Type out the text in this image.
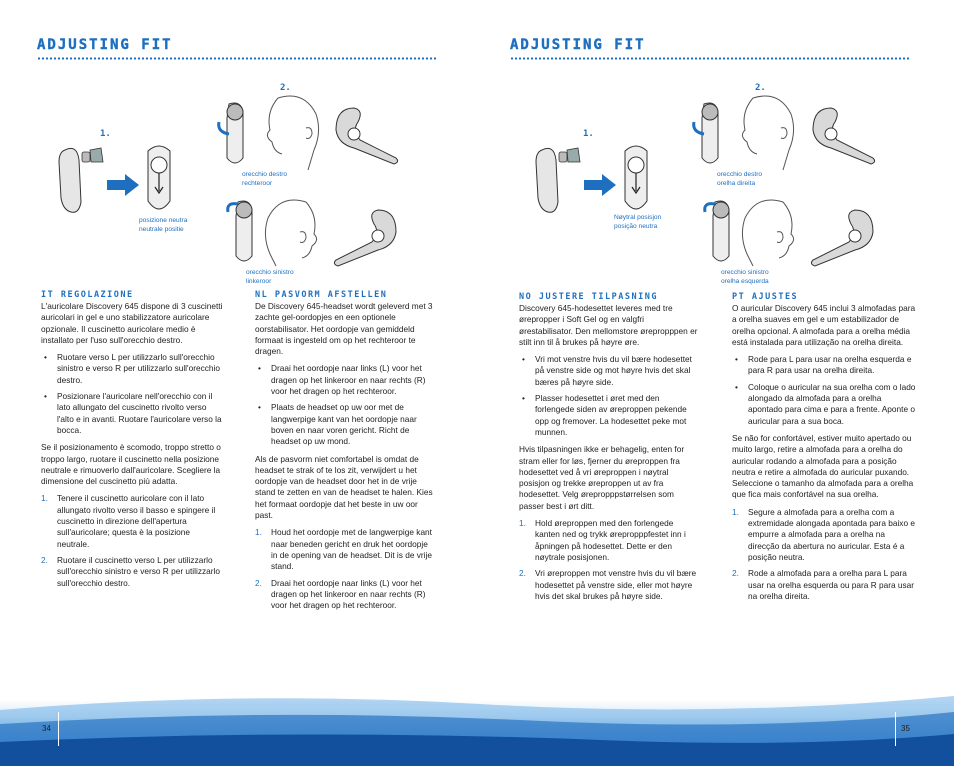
ADJUSTING FIT
1.
2.
posizione neutra
neutrale positie
orecchio destro
rechteroor
orecchio sinistro
linkeroor
IT REGOLAZIONE

L'auricolare Discovery 645 dispone di 3 cuscinetti auricolari in gel e uno stabilizzatore auricolare opzionale. Il cuscinetto auricolare medio è installato per l'uso sull'orecchio destro.

• Ruotare verso L per utilizzarlo sull'orecchio sinistro e verso R per utilizzarlo sull'orecchio destro.
• Posizionare l'auricolare nell'orecchio con il lato allungato del cuscinetto rivolto verso l'alto e in avanti. Ruotare l'auricolare verso la bocca.

Se il posizionamento è scomodo, troppo stretto o troppo largo, ruotare il cuscinetto nella posizione neutrale e rimuoverlo dall'auricolare. Scegliere la dimensione del cuscinetto più adatta.

1. Tenere il cuscinetto auricolare con il lato allungato rivolto verso il basso e spingere il cuscinetto in direzione dell'apertura sull'auricolare; questa è la posizione neutrale.
2. Ruotare il cuscinetto verso L per utilizzarlo sull'orecchio sinistro e verso R per utilizzarlo sull'orecchio destro.
NL PASVORM AFSTELLEN

De Discovery 645-headset wordt geleverd met 3 zachte gel-oordopjes en een optionele oorstabilisator. Het oordopje van gemiddeld formaat is ingesteld om op het rechteroor te dragen.

• Draai het oordopje naar links (L) voor het dragen op het linkeroor en naar rechts (R) voor het dragen op het rechteroor.
• Plaats de headset op uw oor met de langwerpige kant van het oordopje naar boven en naar voren gericht. Richt de headset op uw mond.

Als de pasvorm niet comfortabel is omdat de headset te strak of te los zit, verwijdert u het oordopje van de headset door het in de vrije stand te zetten en van de headset te halen. Kies het formaat oordopje dat het beste in uw oor past.

1. Houd het oordopje met de langwerpige kant naar beneden gericht en druk het oordopje in de opening van de headset. Dit is de vrije stand.
2. Draai het oordopje naar links (L) voor het dragen op het linkeroor en naar rechts (R) voor het dragen op het rechteroor.
ADJUSTING FIT
1.
2.
Nøytral posisjon
posição neutra
orecchio destro
orelha direita
orecchio sinistro
orelha esquerda
NO JUSTERE TILPASNING

Discovery 645-hodesettet leveres med tre ørepropper i Soft Gel og en valgfri ørestabilisator. Den mellomstore ørepropppen er stilt inn til å brukes på høyre øre.

• Vri mot venstre hvis du vil bære hodesettet på venstre side og mot høyre hvis det skal bæres på høyre side.
• Plasser hodesettet i øret med den forlengede siden av øreproppen pekende opp og fremover. La hodesettet peke mot munnen.

Hvis tilpasningen ikke er behagelig, enten for stram eller for løs, fjerner du øreproppen fra hodesettet ved å vri øreproppen i nøytral posisjon og trekke øreproppen ut av fra hodesettet. Velg ørepropppstørrelsen som passer best i ørt ditt.

1. Hold øreproppen med den forlengede kanten ned og trykk ørepropppfestet inn i åpningen på hodesettet. Dette er den nøytrale posisjonen.
2. Vri øreproppen mot venstre hvis du vil bære hodesettet på venstre side, eller mot høyre hvis det skal brukes på høyre side.
PT AJUSTES

O auricular Discovery 645 inclui 3 almofadas para a orelha suaves em gel e um estabilizador de orelha opcional. A almofada para a orelha média está instalada para utilização na orelha direita.

• Rode para L para usar na orelha esquerda e para R para usar na orelha direita.
• Coloque o auricular na sua orelha com o lado alongado da almofada para a orelha apontado para cima e para a frente. Aponte o auricular para a sua boca.

Se não for confortável, estiver muito apertado ou muito largo, retire a almofada para a orelha do auricular rodando a almofada para a posição neutra e retire a almofada do auricular puxando. Seleccione o tamanho da almofada para a orelha que fica mais confortável na sua orelha.

1. Segure a almofada para a orelha com a extremidade alongada apontada para baixo e empurre a almofada para a orelha na direcção da abertura no auricular. Esta é a posição neutra.
2. Rode a almofada para a orelha para L para usar na orelha esquerda ou para R para usar na orelha direita.
34	35
